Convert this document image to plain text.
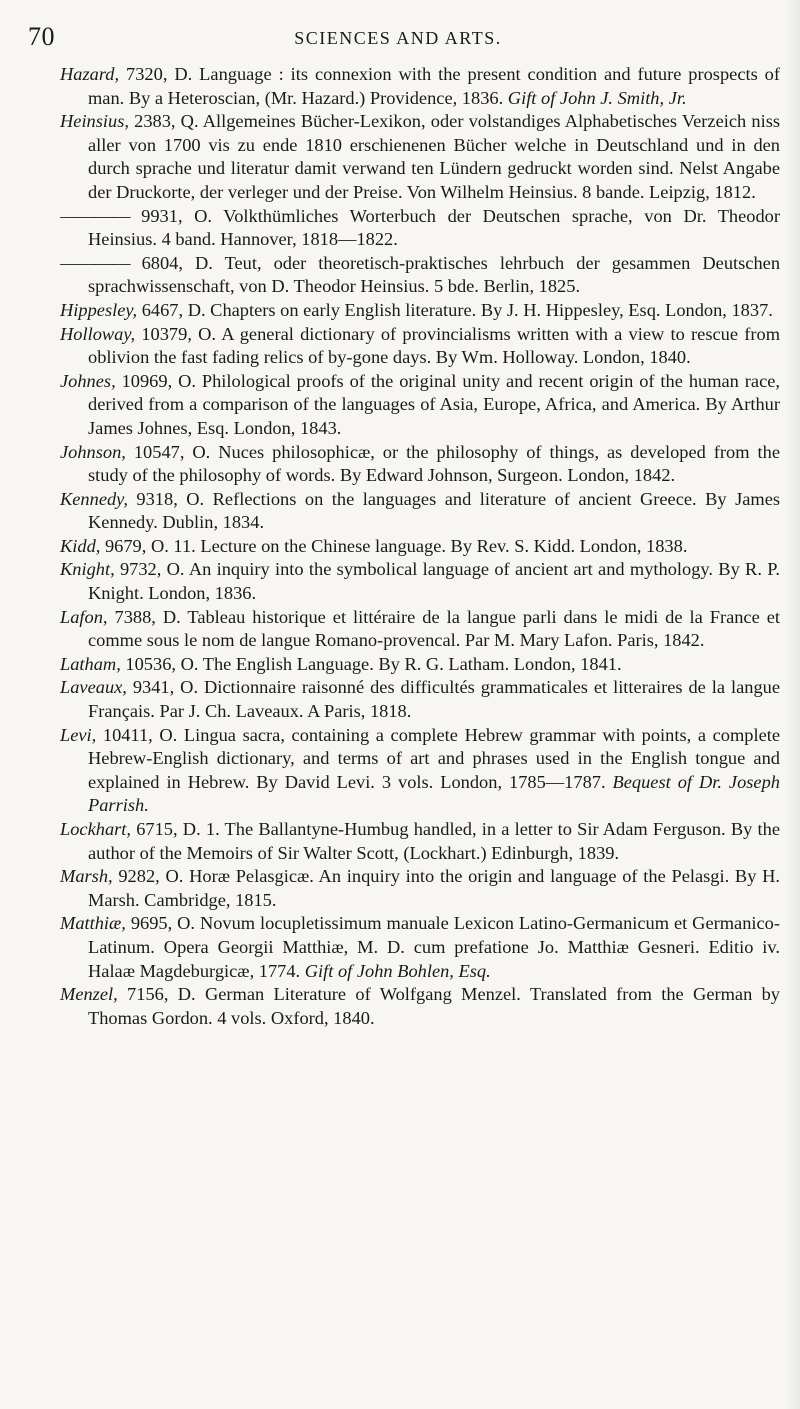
70	SCIENCES AND ARTS.

Hazard, 7320, D. Language : its connexion with the present condition and future prospects of man. By a Heteroscian, (Mr. Hazard.) Providence, 1836. Gift of John J. Smith, Jr.

Heinsius, 2383, Q. Allgemeines Bücher-Lexikon, oder volstandiges Alphabetisches Verzeich niss aller von 1700 vis zu ende 1810 erschienenen Bücher welche in Deutschland und in den durch sprache und literatur damit verwand ten Lündern gedruckt worden sind. Nelst Angabe der Druckorte, der verleger und der Preise. Von Wilhelm Heinsius. 8 bande. Leipzig, 1812.

———— 9931, O. Volkthümliches Worterbuch der Deutschen sprache, von Dr. Theodor Heinsius. 4 band. Hannover, 1818—1822.

———— 6804, D. Teut, oder theoretisch-praktisches lehrbuch der gesammen Deutschen sprachwissenschaft, von D. Theodor Heinsius. 5 bde. Berlin, 1825.

Hippesley, 6467, D. Chapters on early English literature. By J. H. Hippesley, Esq. London, 1837.

Holloway, 10379, O. A general dictionary of provincialisms written with a view to rescue from oblivion the fast fading relics of by-gone days. By Wm. Holloway. London, 1840.

Johnes, 10969, O. Philological proofs of the original unity and recent origin of the human race, derived from a comparison of the languages of Asia, Europe, Africa, and America. By Arthur James Johnes, Esq. London, 1843.

Johnson, 10547, O. Nuces philosophicæ, or the philosophy of things, as developed from the study of the philosophy of words. By Edward Johnson, Surgeon. London, 1842.

Kennedy, 9318, O. Reflections on the languages and literature of ancient Greece. By James Kennedy. Dublin, 1834.

Kidd, 9679, O. 11. Lecture on the Chinese language. By Rev. S. Kidd. London, 1838.

Knight, 9732, O. An inquiry into the symbolical language of ancient art and mythology. By R. P. Knight. London, 1836.

Lafon, 7388, D. Tableau historique et littéraire de la langue parli dans le midi de la France et comme sous le nom de langue Romano-provencal. Par M. Mary Lafon. Paris, 1842.

Latham, 10536, O. The English Language. By R. G. Latham. London, 1841.

Laveaux, 9341, O. Dictionnaire raisonné des difficultés grammaticales et litteraires de la langue Français. Par J. Ch. Laveaux. A Paris, 1818.

Levi, 10411, O. Lingua sacra, containing a complete Hebrew grammar with points, a complete Hebrew-English dictionary, and terms of art and phrases used in the English tongue and explained in Hebrew. By David Levi. 3 vols. London, 1785—1787. Bequest of Dr. Joseph Parrish.

Lockhart, 6715, D. 1. The Ballantyne-Humbug handled, in a letter to Sir Adam Ferguson. By the author of the Memoirs of Sir Walter Scott, (Lockhart.) Edinburgh, 1839.

Marsh, 9282, O. Horæ Pelasgicæ. An inquiry into the origin and language of the Pelasgi. By H. Marsh. Cambridge, 1815.

Matthiæ, 9695, O. Novum locupletissimum manuale Lexicon Latino-Germanicum et Germanico-Latinum. Opera Georgii Matthiæ, M. D. cum prefatione Jo. Matthiæ Gesneri. Editio iv. Halaæ Magdeburgicæ, 1774. Gift of John Bohlen, Esq.

Menzel, 7156, D. German Literature of Wolfgang Menzel. Translated from the German by Thomas Gordon. 4 vols. Oxford, 1840.
